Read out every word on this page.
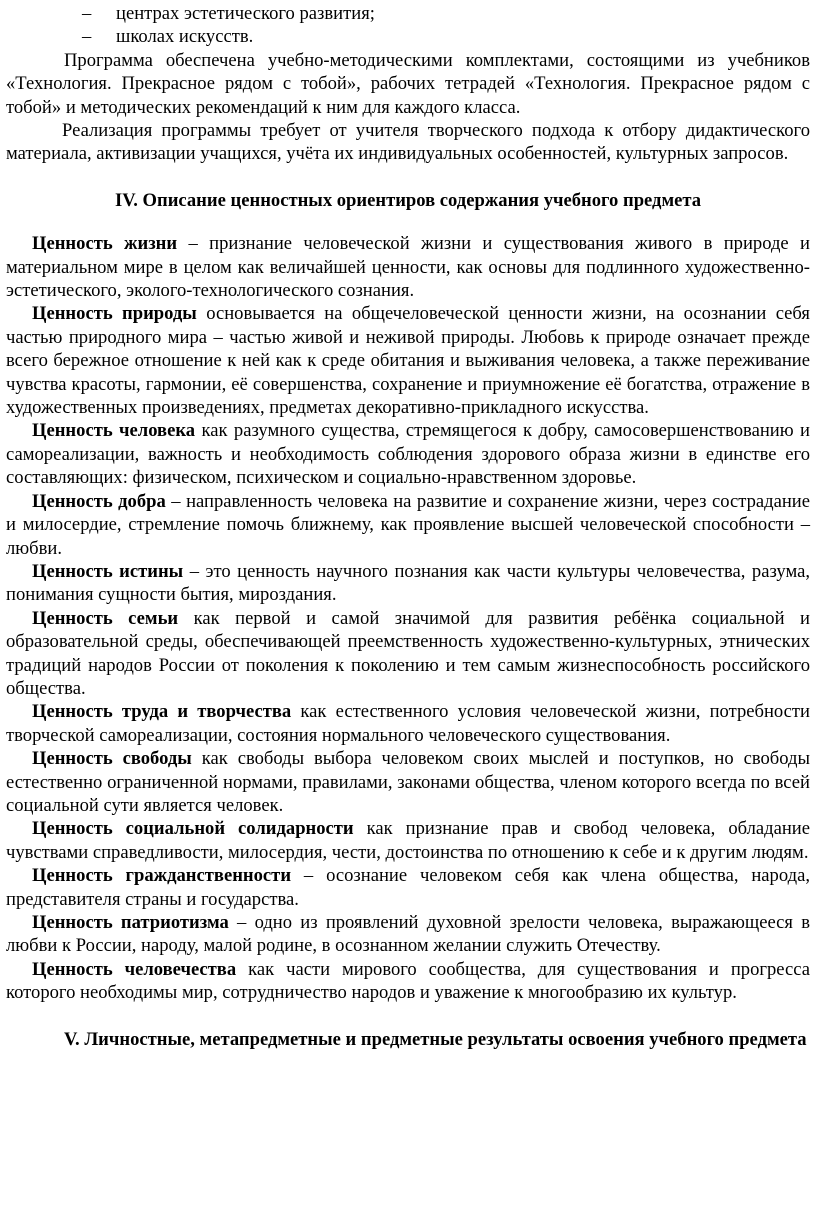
– центрах эстетического развития;

– школах искусств.

Программа обеспечена учебно-методическими комплектами, состоящими из учебников «Технология. Прекрасное рядом с тобой», рабочих тетрадей «Технология. Прекрасное рядом с тобой» и методических рекомендаций к ним для каждого класса.

Реализация программы требует от учителя творческого подхода к отбору дидактического материала, активизации учащихся, учёта их индивидуальных особенностей, культурных запросов.

IV. Описание ценностных ориентиров содержания учебного предмета

Ценность жизни – признание человеческой жизни и существования живого в природе и материальном мире в целом как величайшей ценности, как основы для подлинного художественно-эстетического, эколого-технологического сознания.

Ценность природы основывается на общечеловеческой ценности жизни, на осознании себя частью природного мира – частью живой и неживой природы. Любовь к природе означает прежде всего бережное отношение к ней как к среде обитания и выживания человека, а также переживание чувства красоты, гармонии, её совершенства, сохранение и приумножение её богатства, отражение в художественных произведениях, предметах декоративно-прикладного искусства.

Ценность человека как разумного существа, стремящегося к добру, самосовершенствованию и самореализации, важность и необходимость соблюдения здорового образа жизни в единстве его составляющих: физическом, психическом и социально-нравственном здоровье.

Ценность добра – направленность человека на развитие и сохранение жизни, через сострадание и милосердие, стремление помочь ближнему, как проявление высшей человеческой способности – любви.

Ценность истины – это ценность научного познания как части культуры человечества, разума, понимания сущности бытия, мироздания.

Ценность семьи как первой и самой значимой для развития ребёнка социальной и образовательной среды, обеспечивающей преемственность художественно-культурных, этнических традиций народов России от поколения к поколению и тем самым жизнеспособность российского общества.

Ценность труда и творчества как естественного условия человеческой жизни, потребности творческой самореализации, состояния нормального человеческого существования.

Ценность свободы как свободы выбора человеком своих мыслей и поступков, но свободы естественно ограниченной нормами, правилами, законами общества, членом которого всегда по всей социальной сути является человек.

Ценность социальной солидарности как признание прав и свобод человека, обладание чувствами справедливости, милосердия, чести, достоинства по отношению к себе и к другим людям.

Ценность гражданственности – осознание человеком себя как члена общества, народа, представителя страны и государства.

Ценность патриотизма – одно из проявлений духовной зрелости человека, выражающееся в любви к России, народу, малой родине, в осознанном желании служить Отечеству.

Ценность человечества как части мирового сообщества, для существования и прогресса которого необходимы мир, сотрудничество народов и уважение к многообразию их культур.

V. Личностные, метапредметные и предметные результаты освоения учебного предмета
